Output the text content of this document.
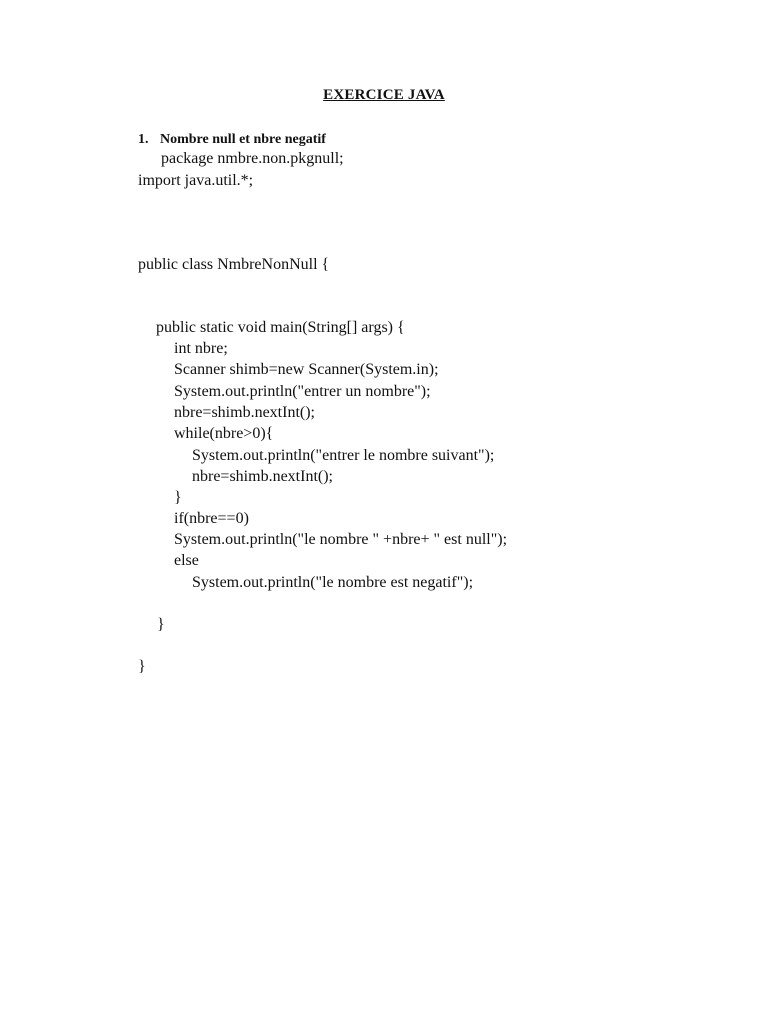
EXERCICE JAVA
1. Nombre null et nbre negatif
package nmbre.non.pkgnull;
import java.util.*;
public class NmbreNonNull {
public static void main(String[] args) {
int nbre;
Scanner shimb=new Scanner(System.in);
System.out.println("entrer un nombre");
nbre=shimb.nextInt();
while(nbre>0){
System.out.println("entrer le nombre suivant");
nbre=shimb.nextInt();
}
if(nbre==0)
System.out.println("le nombre " +nbre+ " est null");
else
System.out.println("le nombre est negatif");
}
}
